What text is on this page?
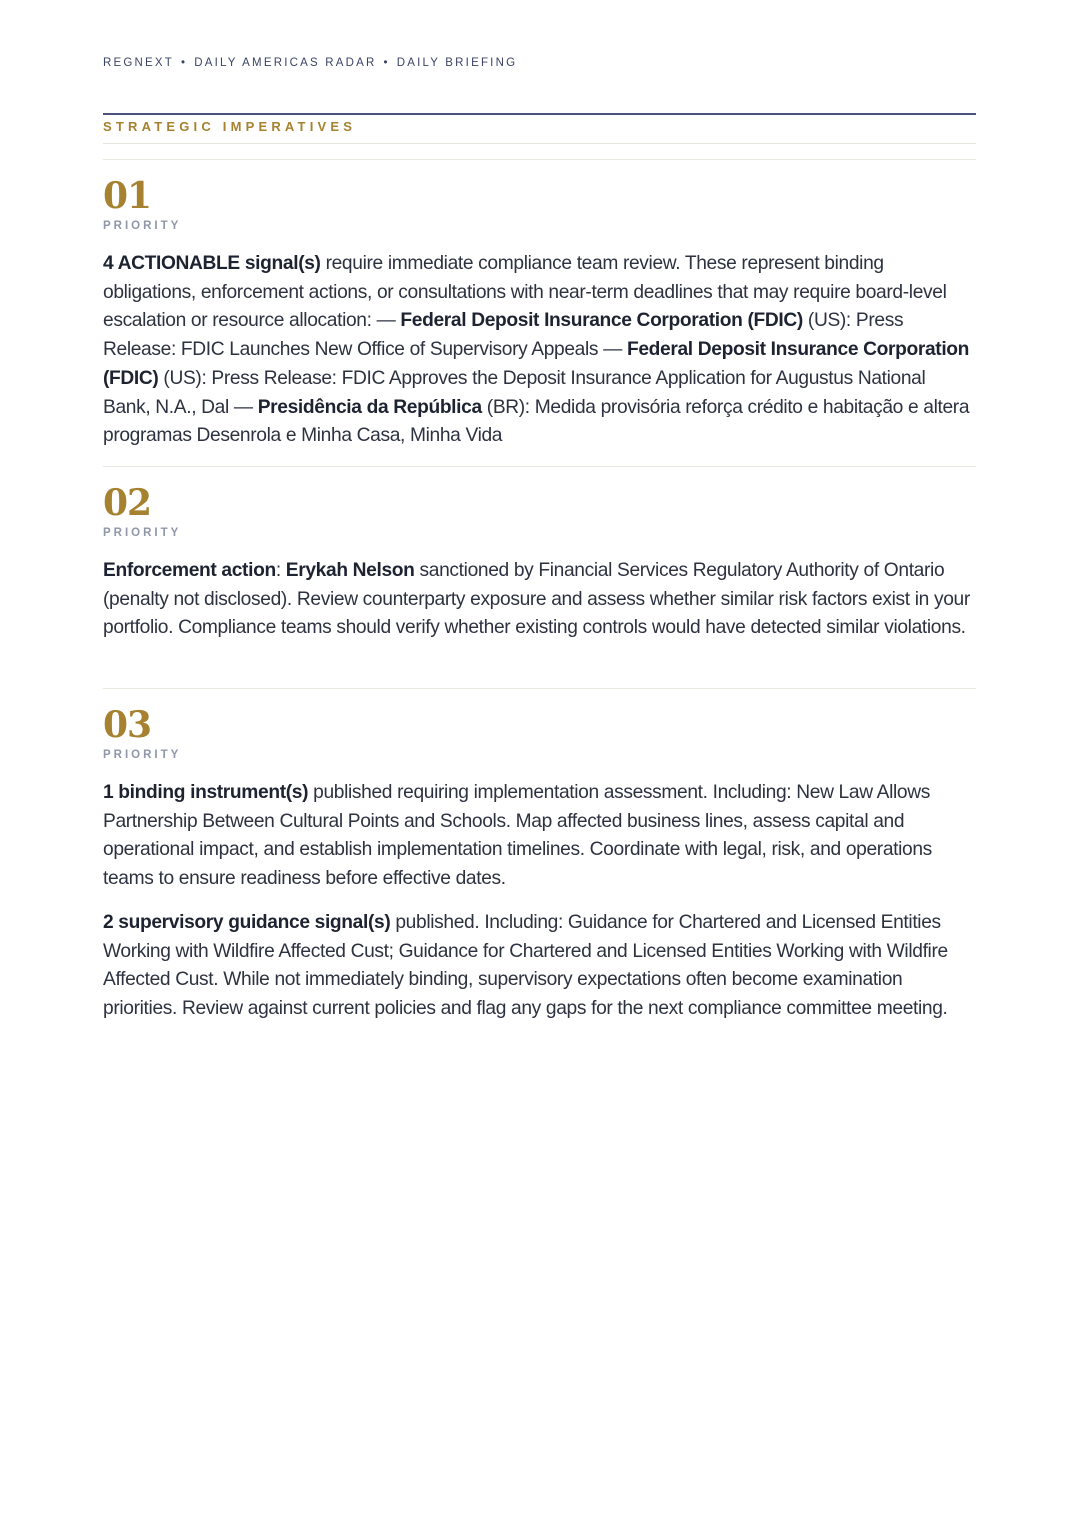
REGNEXT • DAILY AMERICAS RADAR • DAILY BRIEFING
STRATEGIC IMPERATIVES
01
PRIORITY

4 ACTIONABLE signal(s) require immediate compliance team review. These represent binding obligations, enforcement actions, or consultations with near-term deadlines that may require board-level escalation or resource allocation: — Federal Deposit Insurance Corporation (FDIC) (US): Press Release: FDIC Launches New Office of Supervisory Appeals — Federal Deposit Insurance Corporation (FDIC) (US): Press Release: FDIC Approves the Deposit Insurance Application for Augustus National Bank, N.A., Dal — Presidência da República (BR): Medida provisória reforça crédito e habitação e altera programas Desenrola e Minha Casa, Minha Vida

02
PRIORITY

Enforcement action: Erykah Nelson sanctioned by Financial Services Regulatory Authority of Ontario (penalty not disclosed). Review counterparty exposure and assess whether similar risk factors exist in your portfolio. Compliance teams should verify whether existing controls would have detected similar violations.

03
PRIORITY

1 binding instrument(s) published requiring implementation assessment. Including: New Law Allows Partnership Between Cultural Points and Schools. Map affected business lines, assess capital and operational impact, and establish implementation timelines. Coordinate with legal, risk, and operations teams to ensure readiness before effective dates.

2 supervisory guidance signal(s) published. Including: Guidance for Chartered and Licensed Entities Working with Wildfire Affected Cust; Guidance for Chartered and Licensed Entities Working with Wildfire Affected Cust. While not immediately binding, supervisory expectations often become examination priorities. Review against current policies and flag any gaps for the next compliance committee meeting.
